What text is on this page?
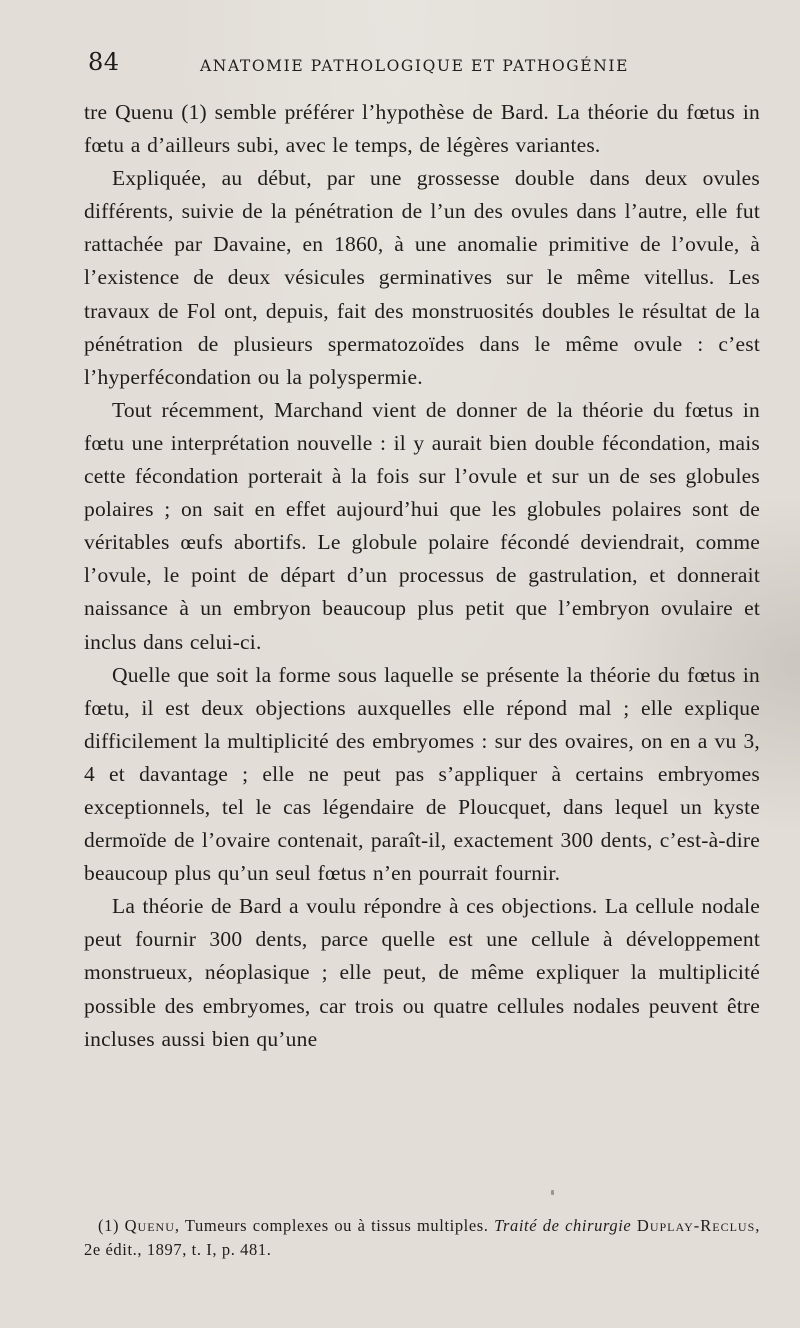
84	ANATOMIE PATHOLOGIQUE ET PATHOGÉNIE

tre Quenu (1) semble préférer l’hypothèse de Bard. La théorie du fœtus in fœtu a d’ailleurs subi, avec le temps, de légères variantes.

Expliquée, au début, par une grossesse double dans deux ovules différents, suivie de la pénétration de l’un des ovules dans l’autre, elle fut rattachée par Davaine, en 1860, à une anomalie primitive de l’ovule, à l’existence de deux vésicules germinatives sur le même vitellus. Les travaux de Fol ont, depuis, fait des monstruosités doubles le résultat de la pénétration de plusieurs spermatozoïdes dans le même ovule : c’est l’hyperfécondation ou la polyspermie.

Tout récemment, Marchand vient de donner de la théorie du fœtus in fœtu une interprétation nouvelle : il y aurait bien double fécondation, mais cette fécondation porterait à la fois sur l’ovule et sur un de ses globules polaires ; on sait en effet aujourd’hui que les globules polaires sont de véritables œufs abortifs. Le globule polaire fécondé deviendrait, comme l’ovule, le point de départ d’un processus de gastrulation, et donnerait naissance à un embryon beaucoup plus petit que l’embryon ovulaire et inclus dans celui-ci.

Quelle que soit la forme sous laquelle se présente la théorie du fœtus in fœtu, il est deux objections auxquelles elle répond mal ; elle explique difficilement la multiplicité des embryomes : sur des ovaires, on en a vu 3, 4 et davantage ; elle ne peut pas s’appliquer à certains embryomes exceptionnels, tel le cas légendaire de Ploucquet, dans lequel un kyste dermoïde de l’ovaire contenait, paraît-il, exactement 300 dents, c’est-à-dire beaucoup plus qu’un seul fœtus n’en pourrait fournir.

La théorie de Bard a voulu répondre à ces objections. La cellule nodale peut fournir 300 dents, parce quelle est une cellule à développement monstrueux, néoplasique ; elle peut, de même expliquer la multiplicité possible des embryomes, car trois ou quatre cellules nodales peuvent être incluses aussi bien qu’une

(1) Quenu, Tumeurs complexes ou à tissus multiples. Traité de chirurgie Duplay-Reclus, 2e édit., 1897, t. I, p. 481.
